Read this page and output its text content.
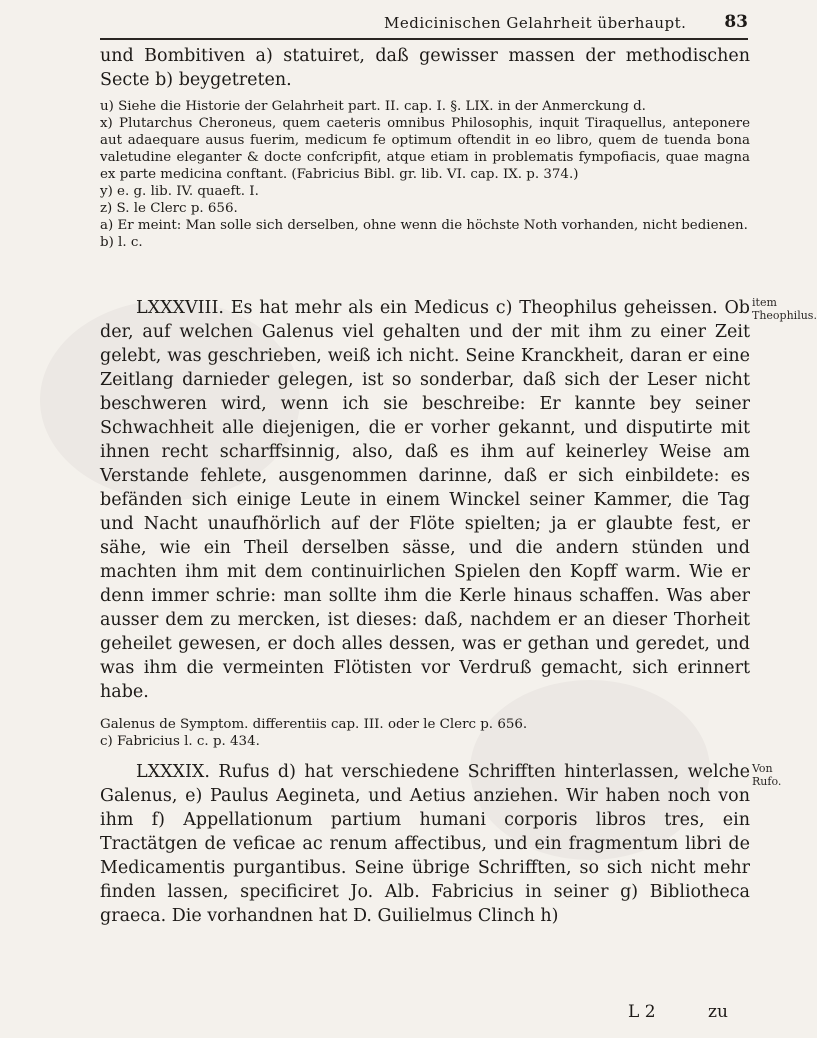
Medicinischen Gelahrheit überhaupt. 83

und Bombitiven a) statuiret, daß gewisser massen der methodischen Secte b) beygetreten.

u) Siehe die Historie der Gelahrheit part. II. cap. I. §. LIX. in der Anmerckung d.

x) Plutarchus Cheroneus, quem caeteris omnibus Philosophis, inquit Tiraquellus, anteponere aut adaequare ausus fuerim, medicum fe optimum oftendit in eo libro, quem de tuenda bona valetudine eleganter & docte confcripfit, atque etiam in problematis fympofiacis, quae magna ex parte medicina conftant. (Fabricius Bibl. gr. lib. VI. cap. IX. p. 374.)

y) e. g. lib. IV. quaeft. I.

z) S. le Clerc p. 656.

a) Er meint: Man solle sich derselben, ohne wenn die höchste Noth vorhanden, nicht bedienen.

b) l. c.

LXXXVIII. Es hat mehr als ein Medicus c) Theophilus geheissen. Ob der, auf welchen Galenus viel gehalten und der mit ihm zu einer Zeit gelebt, was geschrieben, weiß ich nicht. Seine Kranckheit, daran er eine Zeitlang darnieder gelegen, ist so sonderbar, daß sich der Leser nicht beschweren wird, wenn ich sie beschreibe: Er kannte bey seiner Schwachheit alle diejenigen, die er vorher gekannt, und disputirte mit ihnen recht scharffsinnig, also, daß es ihm auf keinerley Weise am Verstande fehlete, ausgenommen darinne, daß er sich einbildete: es befänden sich einige Leute in einem Winckel seiner Kammer, die Tag und Nacht unaufhörlich auf der Flöte spielten; ja er glaubte fest, er sähe, wie ein Theil derselben sässe, und die andern stünden und machten ihm mit dem continuirlichen Spielen den Kopff warm. Wie er denn immer schrie: man sollte ihm die Kerle hinaus schaffen. Was aber ausser dem zu mercken, ist dieses: daß, nachdem er an dieser Thorheit geheilet gewesen, er doch alles dessen, was er gethan und geredet, und was ihm die vermeinten Flötisten vor Verdruß gemacht, sich erinnert habe.

item Theophilus.

Galenus de Symptom. differentiis cap. III. oder le Clerc p. 656.

c) Fabricius l. c. p. 434.

LXXXIX. Rufus d) hat verschiedene Schrifften hinterlassen, welche Galenus, e) Paulus Aegineta, und Aetius anziehen. Wir haben noch von ihm f) Appellationum partium humani corporis libros tres, ein Tractätgen de veficae ac renum affectibus, und ein fragmentum libri de Medicamentis purgantibus. Seine übrige Schrifften, so sich nicht mehr finden lassen, specificiret Jo. Alb. Fabricius in seiner g) Bibliotheca graeca. Die vorhandnen hat D. Guilielmus Clinch h)

Von Rufo.
L 2	zu
